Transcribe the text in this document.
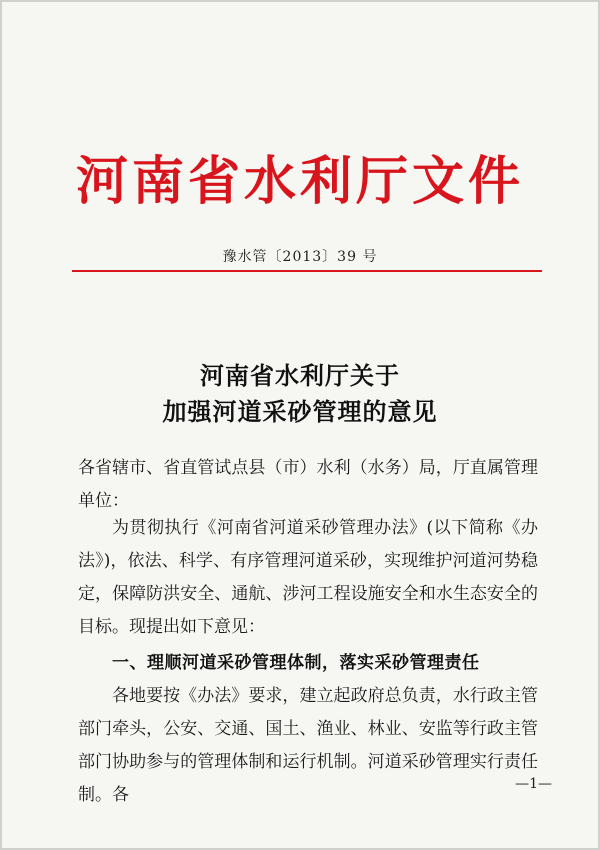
河南省水利厅文件
豫水管〔2013〕39 号
河南省水利厅关于
加强河道采砂管理的意见
各省辖市、省直管试点县（市）水利（水务）局，厅直属管理单位：
为贯彻执行《河南省河道采砂管理办法》(以下简称《办法》)，依法、科学、有序管理河道采砂，实现维护河道河势稳定，保障防洪安全、通航、涉河工程设施安全和水生态安全的目标。现提出如下意见：
一、理顺河道采砂管理体制，落实采砂管理责任
各地要按《办法》要求，建立起政府总负责，水行政主管部门牵头，公安、交通、国土、渔业、林业、安监等行政主管部门协助参与的管理体制和运行机制。河道采砂管理实行责任制。各
—1—
